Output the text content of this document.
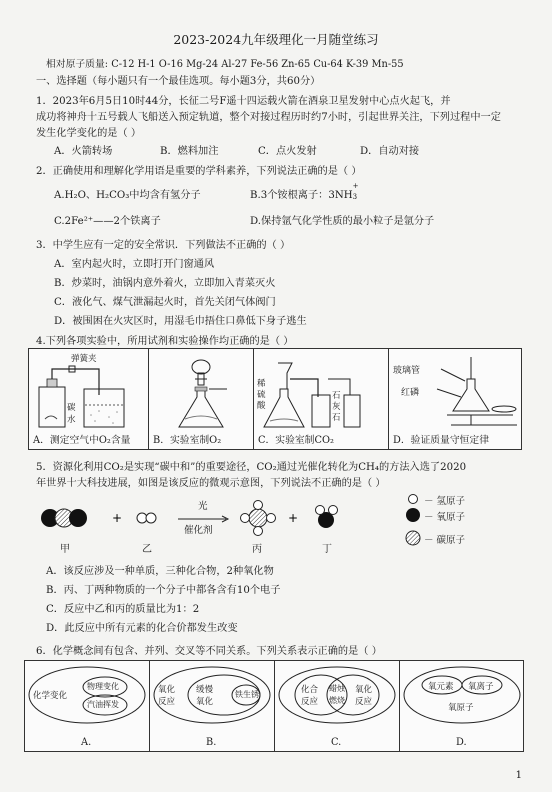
2023-2024九年级理化一月随堂练习
相对原子质量: C-12 H-1 O-16 Mg-24 Al-27 Fe-56 Zn-65 Cu-64 K-39 Mn-55
一、选择题（每小题只有一个最佳选项。每小题3分，共60分）
1．2023年6月5日10时44分，长征二号F遥十四运载火箭在酒泉卫星发射中心点火起飞，并
成功将神舟十五号载人飞船送入预定轨道，整个对接过程历时约7小时，引起世界关注，下列过程中一定
发生化学变化的是（ ）
A．火箭转场	B．燃料加注	C．点火发射	D．自动对接
2．正确使用和理解化学用语是重要的学科素养，下列说法正确的是（ ）
A.H₂O、H₂CO₃中均含有氢分子	B.3个铵根离子：3NH
+
3
C.2Fe²⁺——2个铁离子	D.保持氩气化学性质的最小粒子是氩分子
3．中学生应有一定的安全常识．下列做法不正确的（ ）
A．室内起火时，立即打开门窗通风
B．炒菜时，油锅内意外着火，立即加入青菜灭火
C．液化气、煤气泄漏起火时，首先关闭气体阀门
D．被围困在火灾区时，用湿毛巾捂住口鼻低下身子逃生
4.下列各项实验中，所用试剂和实验操作均正确的是（ ）
弹簧夹
碳
水
A．测定空气中O₂含量 B．实验室制O₂
稀
硫
酸
石
灰
石
C．实验室制CO₂
玻璃管
红磷
D．验证质量守恒定律
5．资源化利用CO₂是实现“碳中和”的重要途径，CO₂通过光催化转化为CH₄的方法入选了2020
年世界十大科技进展，如图是该反应的微观示意图，下列说法不正确的是（ ）
+	+
光
催化剂
甲	乙	丙	丁
－ 氢原子
－ 氧原子
－ 碳原子
A．该反应涉及一种单质，三种化合物，2种氧化物
B．丙、丁两种物质的一个分子中都各含有10个电子
C．反应中乙和丙的质量比为1：2
D．此反应中所有元素的化合价都发生改变
6．化学概念间有包含、并列、交叉等不同关系。下列关系表示正确的是（ ）
化学变化
物理变化
汽油挥发
A.
氧化
反应
缓慢
氧化
铁生锈
B.
化合
反应
蜡烛
燃烧
氧化
反应
C.
氧元素 氧离子
氧原子
D.
1
